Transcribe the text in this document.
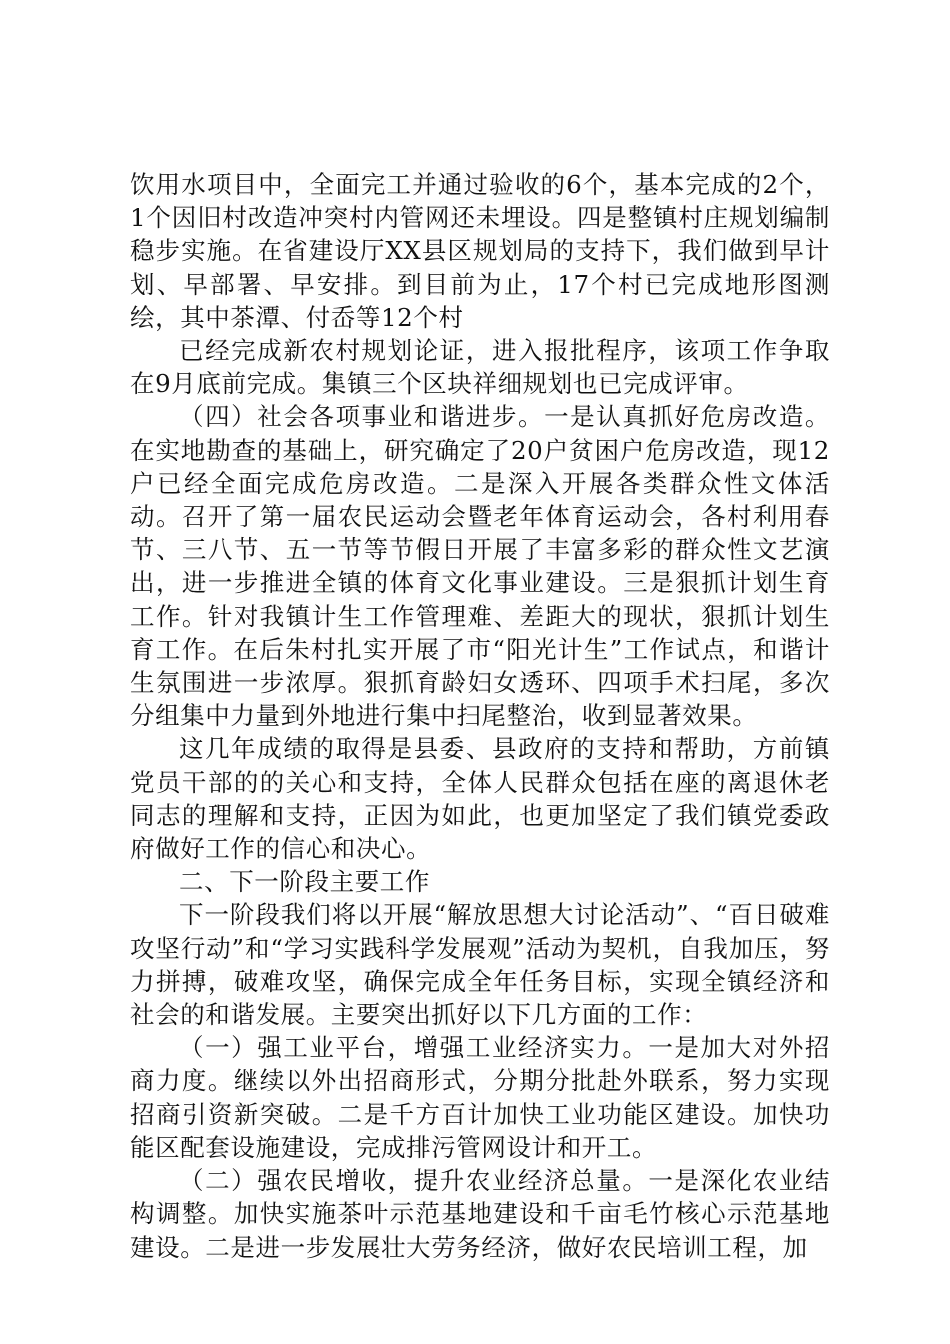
饮用水项目中，全面完工并通过验收的6个，基本完成的2个，1个因旧村改造冲突村内管网还未埋设。四是整镇村庄规划编制稳步实施。在省建设厅XX县区规划局的支持下，我们做到早计划、早部署、早安排。到目前为止，17个村已完成地形图测绘，其中茶潭、付岙等12个村

已经完成新农村规划论证，进入报批程序，该项工作争取在9月底前完成。集镇三个区块祥细规划也已完成评审。

（四）社会各项事业和谐进步。一是认真抓好危房改造。在实地勘查的基础上，研究确定了20户贫困户危房改造，现12户已经全面完成危房改造。二是深入开展各类群众性文体活动。召开了第一届农民运动会暨老年体育运动会，各村利用春节、三八节、五一节等节假日开展了丰富多彩的群众性文艺演出，进一步推进全镇的体育文化事业建设。三是狠抓计划生育工作。针对我镇计生工作管理难、差距大的现状，狠抓计划生育工作。在后朱村扎实开展了市“阳光计生”工作试点，和谐计生氛围进一步浓厚。狠抓育龄妇女透环、四项手术扫尾，多次分组集中力量到外地进行集中扫尾整治，收到显著效果。

这几年成绩的取得是县委、县政府的支持和帮助，方前镇党员干部的的关心和支持，全体人民群众包括在座的离退休老同志的理解和支持，正因为如此，也更加坚定了我们镇党委政府做好工作的信心和决心。

二、下一阶段主要工作

下一阶段我们将以开展“解放思想大讨论活动”、“百日破难攻坚行动”和“学习实践科学发展观”活动为契机，自我加压，努力拼搏，破难攻坚，确保完成全年任务目标，实现全镇经济和社会的和谐发展。主要突出抓好以下几方面的工作：

（一）强工业平台，增强工业经济实力。一是加大对外招商力度。继续以外出招商形式，分期分批赴外联系，努力实现招商引资新突破。二是千方百计加快工业功能区建设。加快功能区配套设施建设，完成排污管网设计和开工。

（二）强农民增收，提升农业经济总量。一是深化农业结构调整。加快实施茶叶示范基地建设和千亩毛竹核心示范基地建设。二是进一步发展壮大劳务经济，做好农民培训工程，加
